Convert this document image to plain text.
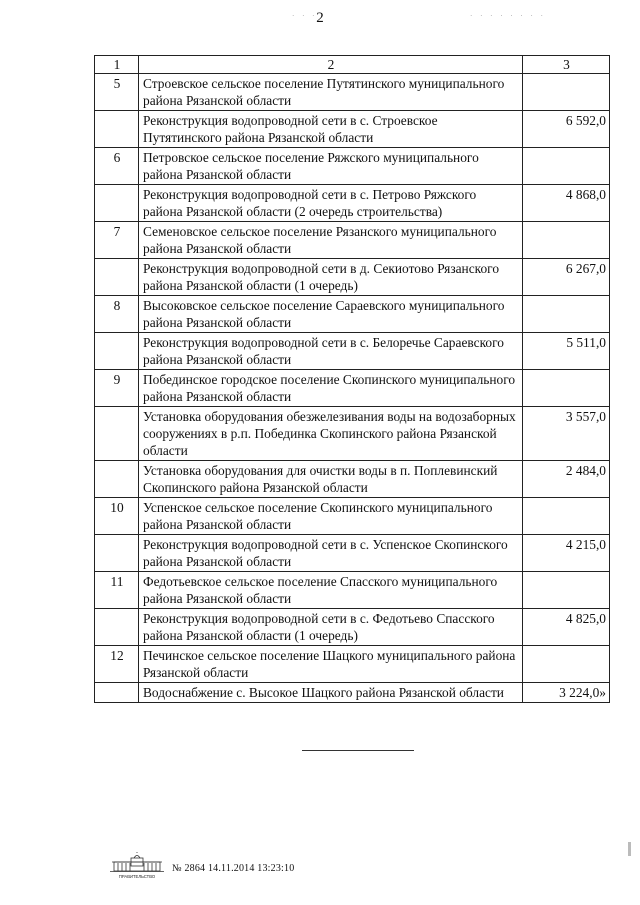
2
· · ·	· · · · · · · ·
1	2	3
5	Строевское сельское поселение Путятинского муниципального района Рязанской области	
	Реконструкция водопроводной сети в с. Строевское Путятинского района Рязанской области	6 592,0
6	Петровское сельское поселение Ряжского муниципального района Рязанской области	
	Реконструкция водопроводной сети в с. Петрово Ряжского района Рязанской области (2 очередь строительства)	4 868,0
7	Семеновское сельское поселение Рязанского муниципального района Рязанской области	
	Реконструкция водопроводной сети в д. Секиотово Рязанского района Рязанской области (1 очередь)	6 267,0
8	Высоковское сельское поселение Сараевского муниципального района Рязанской области	
	Реконструкция водопроводной сети в с. Белоречье Сараевского района Рязанской области	5 511,0
9	Побединское городское поселение Скопинского муниципального района Рязанской области	
	Установка оборудования обезжелезивания воды на водозаборных сооружениях в р.п. Побединка Скопинского района Рязанской области	3 557,0
	Установка оборудования для очистки воды в п. Поплевинский Скопинского района Рязанской области	2 484,0
10	Успенское сельское поселение Скопинского муниципального района Рязанской области	
	Реконструкция водопроводной сети в с. Успенское Скопинского района Рязанской области	4 215,0
11	Федотьевское сельское поселение Спасского муниципального района Рязанской области	
	Реконструкция водопроводной сети в с. Федотьево Спасского района Рязанской области (1 очередь)	4 825,0
12	Печинское сельское поселение Шацкого муниципального района Рязанской области	
	Водоснабжение с. Высокое Шацкого района Рязанской области	3 224,0»
ПРАВИТЕЛЬСТВО
№ 2864 14.11.2014 13:23:10
